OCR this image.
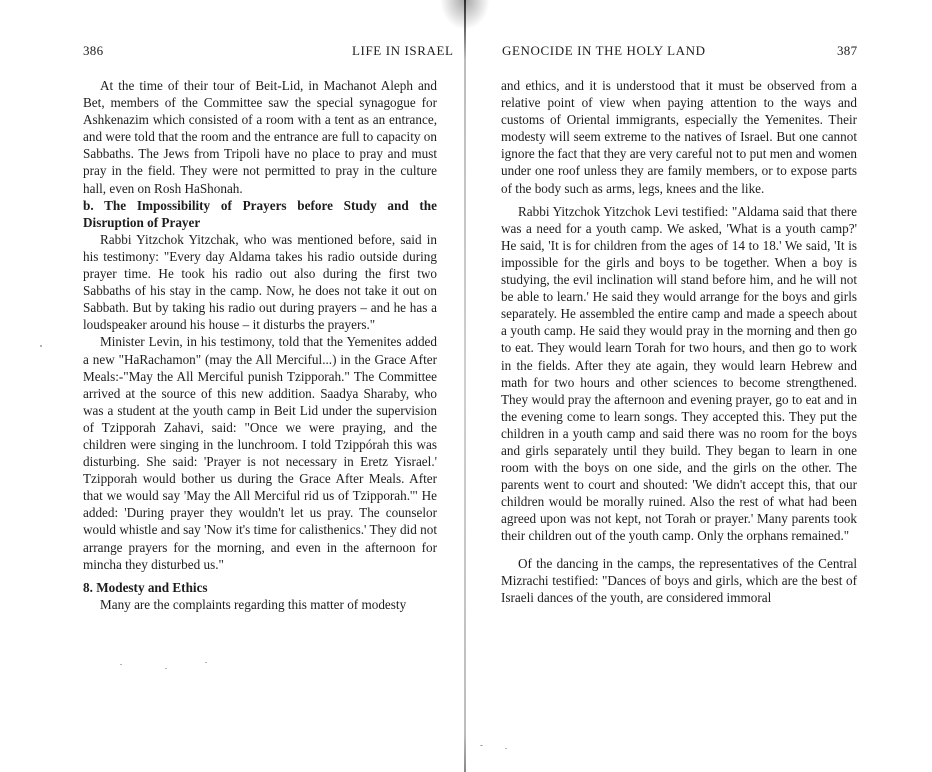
386	LIFE IN ISRAEL

At the time of their tour of Beit-Lid, in Machanot Aleph and Bet, members of the Committee saw the special synagogue for Ashkenazim which consisted of a room with a tent as an entrance, and were told that the room and the entrance are full to capacity on Sabbaths. The Jews from Tripoli have no place to pray and must pray in the field. They were not permitted to pray in the culture hall, even on Rosh HaShonah.

b. The Impossibility of Prayers before Study and the Disruption of Prayer

Rabbi Yitzchok Yitzchak, who was mentioned before, said in his testimony: "Every day Aldama takes his radio outside during prayer time. He took his radio out also during the first two Sabbaths of his stay in the camp. Now, he does not take it out on Sabbath. But by taking his radio out during prayers – and he has a loudspeaker around his house – it disturbs the prayers."

Minister Levin, in his testimony, told that the Yemenites added a new "HaRachamon" (may the All Merciful...) in the Grace After Meals:-"May the All Merciful punish Tzipporah." The Committee arrived at the source of this new addition. Saadya Sharaby, who was a student at the youth camp in Beit Lid under the supervision of Tzipporah Zahavi, said: "Once we were praying, and the children were singing in the lunchroom. I told Tzippórah this was disturbing. She said: 'Prayer is not necessary in Eretz Yisrael.' Tzipporah would bother us during the Grace After Meals. After that we would say 'May the All Merciful rid us of Tzipporah.'" He added: 'During prayer they wouldn't let us pray. The counselor would whistle and say 'Now it's time for calisthenics.' They did not arrange prayers for the morning, and even in the afternoon for mincha they disturbed us."

8. Modesty and Ethics

Many are the complaints regarding this matter of modesty

GENOCIDE IN THE HOLY LAND	387

and ethics, and it is understood that it must be observed from a relative point of view when paying attention to the ways and customs of Oriental immigrants, especially the Yemenites. Their modesty will seem extreme to the natives of Israel. But one cannot ignore the fact that they are very careful not to put men and women under one roof unless they are family members, or to expose parts of the body such as arms, legs, knees and the like.

Rabbi Yitzchok Yitzchok Levi testified: "Aldama said that there was a need for a youth camp. We asked, 'What is a youth camp?' He said, 'It is for children from the ages of 14 to 18.' We said, 'It is impossible for the girls and boys to be together. When a boy is studying, the evil inclination will stand before him, and he will not be able to learn.' He said they would arrange for the boys and girls separately. He assembled the entire camp and made a speech about a youth camp. He said they would pray in the morning and then go to eat. They would learn Torah for two hours, and then go to work in the fields. After they ate again, they would learn Hebrew and math for two hours and other sciences to become strengthened. They would pray the afternoon and evening prayer, go to eat and in the evening come to learn songs. They accepted this. They put the children in a youth camp and said there was no room for the boys and girls separately until they build. They began to learn in one room with the boys on one side, and the girls on the other. The parents went to court and shouted: 'We didn't accept this, that our children would be morally ruined. Also the rest of what had been agreed upon was not kept, not Torah or prayer.' Many parents took their children out of the youth camp. Only the orphans remained."

Of the dancing in the camps, the representatives of the Central Mizrachi testified: "Dances of boys and girls, which are the best of Israeli dances of the youth, are considered immoral
